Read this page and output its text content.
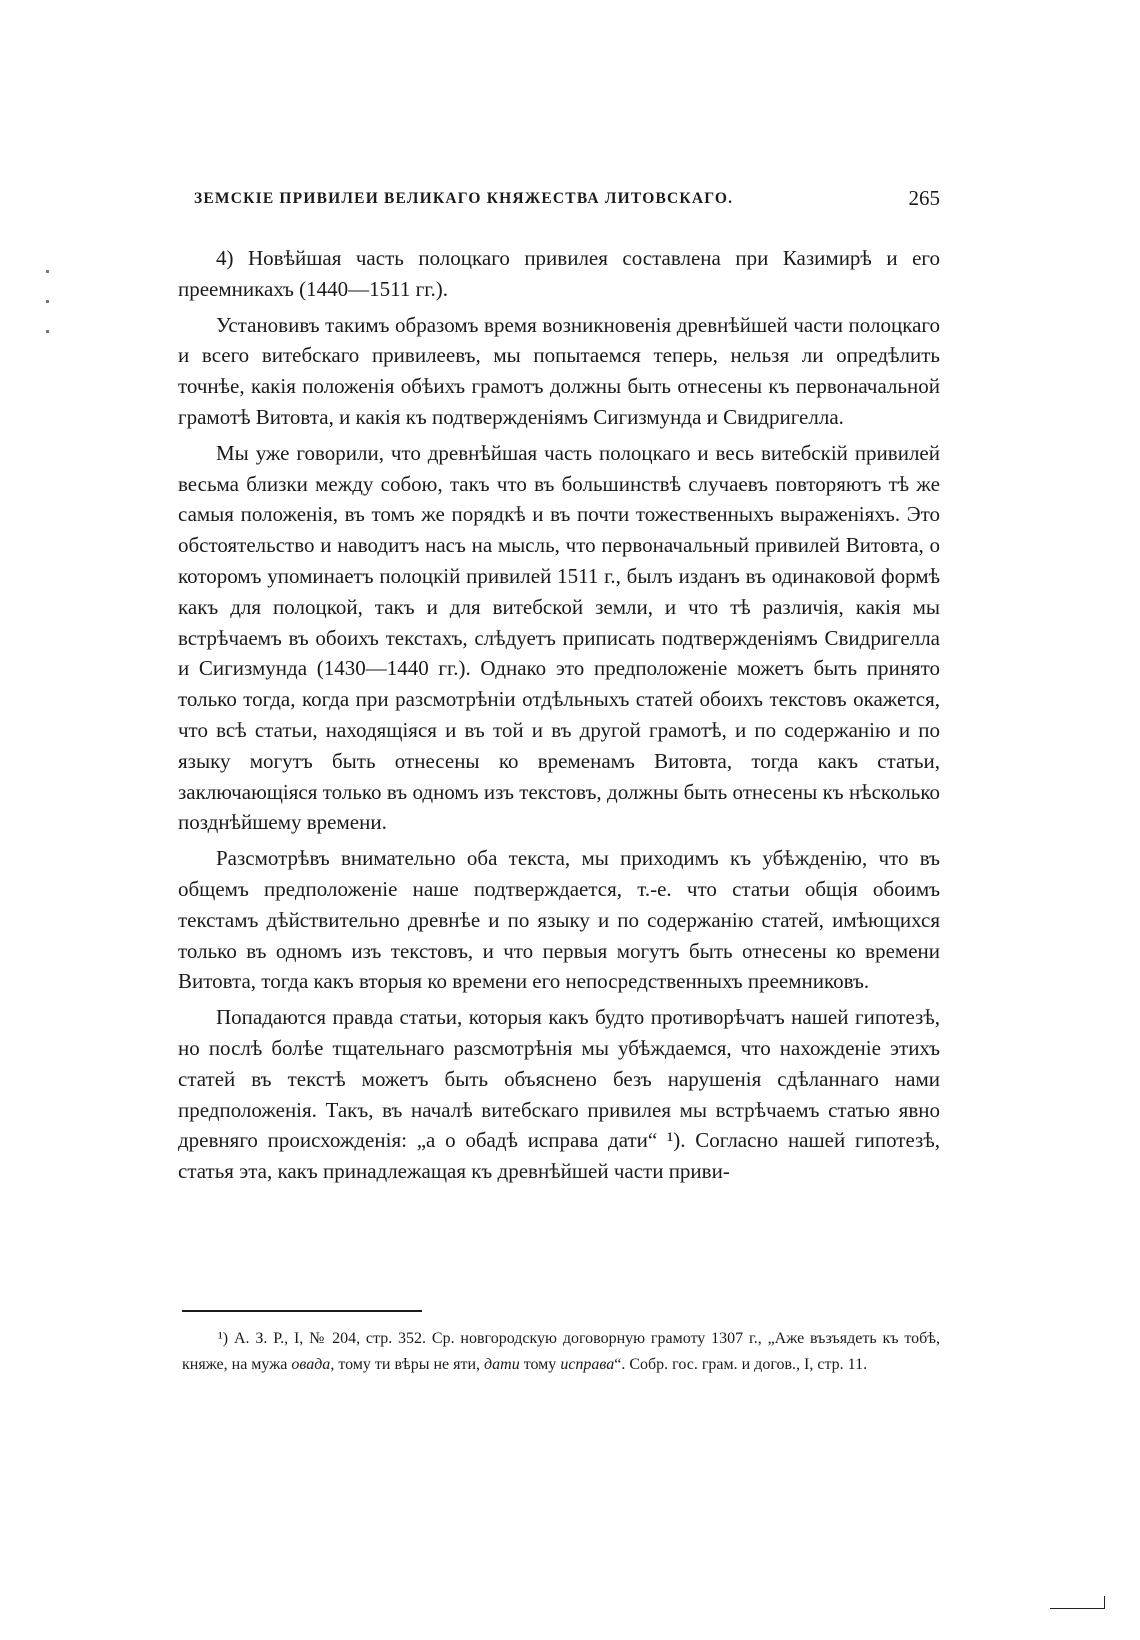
ЗЕМСКІЕ ПРИВИЛЕИ ВЕЛИКАГО КНЯЖЕСТВА ЛИТОВСКАГО.	265

4) Новѣйшая часть полоцкаго привилея составлена при Казимирѣ и его преемникахъ (1440—1511 гг.).

Установивъ такимъ образомъ время возникновенія древнѣйшей части полоцкаго и всего витебскаго привилеевъ, мы попытаемся теперь, нельзя ли опредѣлить точнѣе, какія положенія обѣихъ грамотъ должны быть отнесены къ первоначальной грамотѣ Витовта, и какія къ подтвержденіямъ Сигизмунда и Свидригелла.

Мы уже говорили, что древнѣйшая часть полоцкаго и весь витебскій привилей весьма близки между собою, такъ что въ большинствѣ случаевъ повторяютъ тѣ же самыя положенія, въ томъ же порядкѣ и въ почти тожественныхъ выраженіяхъ. Это обстоятельство и наводитъ насъ на мысль, что первоначальный привилей Витовта, о которомъ упоминаетъ полоцкій привилей 1511 г., былъ изданъ въ одинаковой формѣ какъ для полоцкой, такъ и для витебской земли, и что тѣ различія, какія мы встрѣчаемъ въ обоихъ текстахъ, слѣдуетъ приписать подтвержденіямъ Свидригелла и Сигизмунда (1430—1440 гг.). Однако это предположеніе можетъ быть принято только тогда, когда при разсмотрѣніи отдѣльныхъ статей обоихъ текстовъ окажется, что всѣ статьи, находящіяся и въ той и въ другой грамотѣ, и по содержанію и по языку могутъ быть отнесены ко временамъ Витовта, тогда какъ статьи, заключающіяся только въ одномъ изъ текстовъ, должны быть отнесены къ нѣсколько позднѣйшему времени.

Разсмотрѣвъ внимательно оба текста, мы приходимъ къ убѣжденію, что въ общемъ предположеніе наше подтверждается, т.-е. что статьи общія обоимъ текстамъ дѣйствительно древнѣе и по языку и по содержанію статей, имѣющихся только въ одномъ изъ текстовъ, и что первыя могутъ быть отнесены ко времени Витовта, тогда какъ вторыя ко времени его непосредственныхъ преемниковъ.

Попадаются правда статьи, которыя какъ будто противорѣчатъ нашей гипотезѣ, но послѣ болѣе тщательнаго разсмотрѣнія мы убѣждаемся, что нахожденіе этихъ статей въ текстѣ можетъ быть объяснено безъ нарушенія сдѣланнаго нами предположенія. Такъ, въ началѣ витебскаго привилея мы встрѣчаемъ статью явно древняго происхожденія: „а о обадѣ исправа дати“ ¹). Согласно нашей гипотезѣ, статья эта, какъ принадлежащая къ древнѣйшей части приви-

¹) А. З. Р., I, № 204, стр. 352. Ср. новгородскую договорную грамоту 1307 г., „Аже възъядеть къ тобѣ, княже, на мужа овада, тому ти вѣры не яти, дати тому исправа“. Собр. гос. грам. и догов., I, стр. 11.
